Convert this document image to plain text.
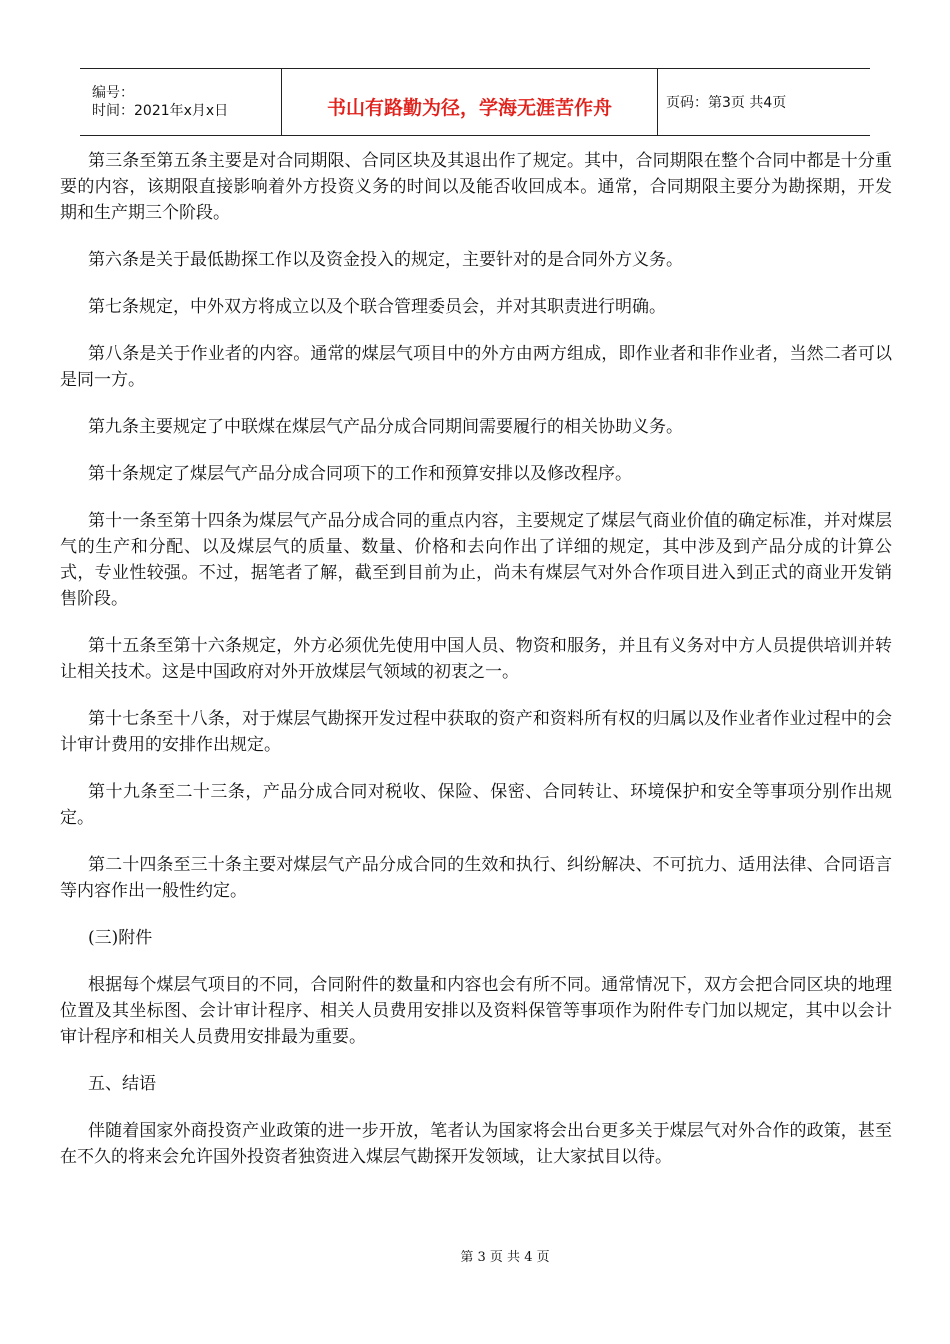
编号：
时间：2021年x月x日	书山有路勤为径，学海无涯苦作舟	页码：第3页 共4页

第三条至第五条主要是对合同期限、合同区块及其退出作了规定。其中，合同期限在整个合同中都是十分重要的内容，该期限直接影响着外方投资义务的时间以及能否收回成本。通常，合同期限主要分为勘探期，开发期和生产期三个阶段。

第六条是关于最低勘探工作以及资金投入的规定，主要针对的是合同外方义务。

第七条规定，中外双方将成立以及个联合管理委员会，并对其职责进行明确。

第八条是关于作业者的内容。通常的煤层气项目中的外方由两方组成，即作业者和非作业者，当然二者可以是同一方。

第九条主要规定了中联煤在煤层气产品分成合同期间需要履行的相关协助义务。

第十条规定了煤层气产品分成合同项下的工作和预算安排以及修改程序。

第十一条至第十四条为煤层气产品分成合同的重点内容，主要规定了煤层气商业价值的确定标准，并对煤层气的生产和分配、以及煤层气的质量、数量、价格和去向作出了详细的规定，其中涉及到产品分成的计算公式，专业性较强。不过，据笔者了解，截至到目前为止，尚未有煤层气对外合作项目进入到正式的商业开发销售阶段。

第十五条至第十六条规定，外方必须优先使用中国人员、物资和服务，并且有义务对中方人员提供培训并转让相关技术。这是中国政府对外开放煤层气领域的初衷之一。

第十七条至十八条，对于煤层气勘探开发过程中获取的资产和资料所有权的归属以及作业者作业过程中的会计审计费用的安排作出规定。

第十九条至二十三条，产品分成合同对税收、保险、保密、合同转让、环境保护和安全等事项分别作出规定。

第二十四条至三十条主要对煤层气产品分成合同的生效和执行、纠纷解决、不可抗力、适用法律、合同语言等内容作出一般性约定。

(三)附件

根据每个煤层气项目的不同，合同附件的数量和内容也会有所不同。通常情况下，双方会把合同区块的地理位置及其坐标图、会计审计程序、相关人员费用安排以及资料保管等事项作为附件专门加以规定，其中以会计审计程序和相关人员费用安排最为重要。

五、结语

伴随着国家外商投资产业政策的进一步开放，笔者认为国家将会出台更多关于煤层气对外合作的政策，甚至在不久的将来会允许国外投资者独资进入煤层气勘探开发领域，让大家拭目以待。

第 3 页 共 4 页
